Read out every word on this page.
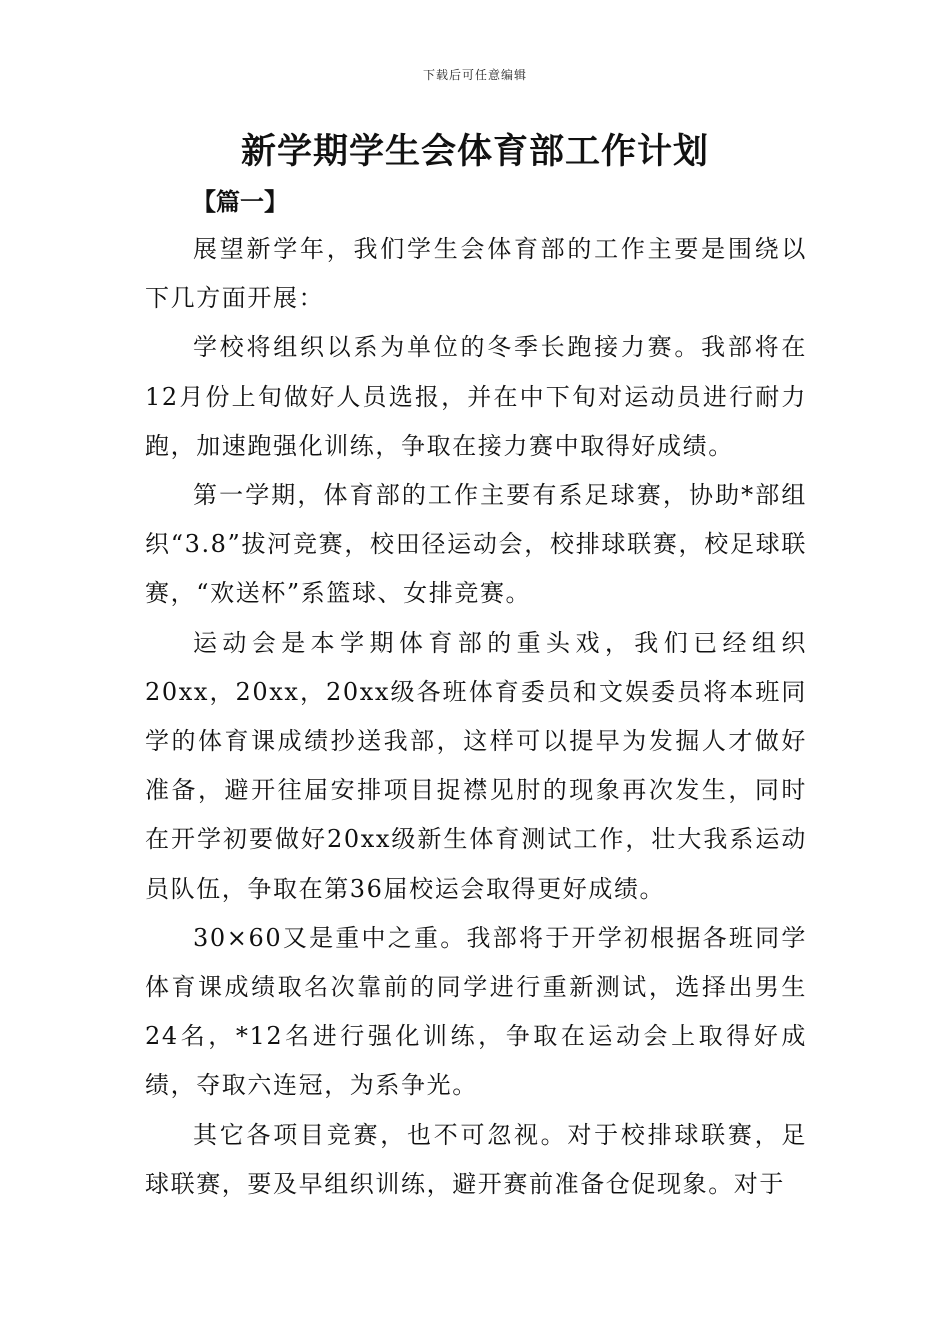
下载后可任意编辑
新学期学生会体育部工作计划
【篇一】

展望新学年，我们学生会体育部的工作主要是围绕以下几方面开展：

学校将组织以系为单位的冬季长跑接力赛。我部将在12月份上旬做好人员选报，并在中下旬对运动员进行耐力跑，加速跑强化训练，争取在接力赛中取得好成绩。

第一学期，体育部的工作主要有系足球赛，协助*部组织“3.8”拔河竞赛，校田径运动会，校排球联赛，校足球联赛，“欢送杯”系篮球、女排竞赛。

运动会是本学期体育部的重头戏，我们已经组织20xx，20xx，20xx级各班体育委员和文娱委员将本班同学的体育课成绩抄送我部，这样可以提早为发掘人才做好准备，避开往届安排项目捉襟见肘的现象再次发生，同时在开学初要做好20xx级新生体育测试工作，壮大我系运动员队伍，争取在第36届校运会取得更好成绩。

30×60又是重中之重。我部将于开学初根据各班同学体育课成绩取名次靠前的同学进行重新测试，选择出男生24名，*12名进行强化训练，争取在运动会上取得好成绩，夺取六连冠，为系争光。

其它各项目竞赛，也不可忽视。对于校排球联赛，足球联赛，要及早组织训练，避开赛前准备仓促现象。对于
